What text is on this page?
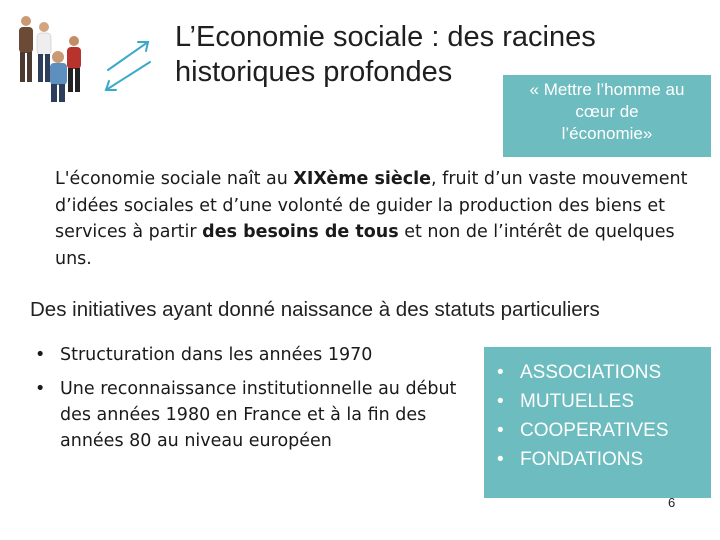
L’Economie sociale : des racines
historiques profondes
« Mettre l’homme au
cœur de
l’économie»
L'économie sociale naît au XIXème siècle, fruit d’un vaste mouvement d’idées sociales et d’une volonté de guider la production des biens et services à partir des besoins de tous et non de l’intérêt de quelques uns.
Des initiatives ayant donné naissance à des statuts particuliers
• Structuration dans les années 1970
• Une reconnaissance institutionnelle au début des années 1980 en France et à la fin des années 80 au niveau européen
• ASSOCIATIONS
• MUTUELLES
• COOPERATIVES
• FONDATIONS
6
